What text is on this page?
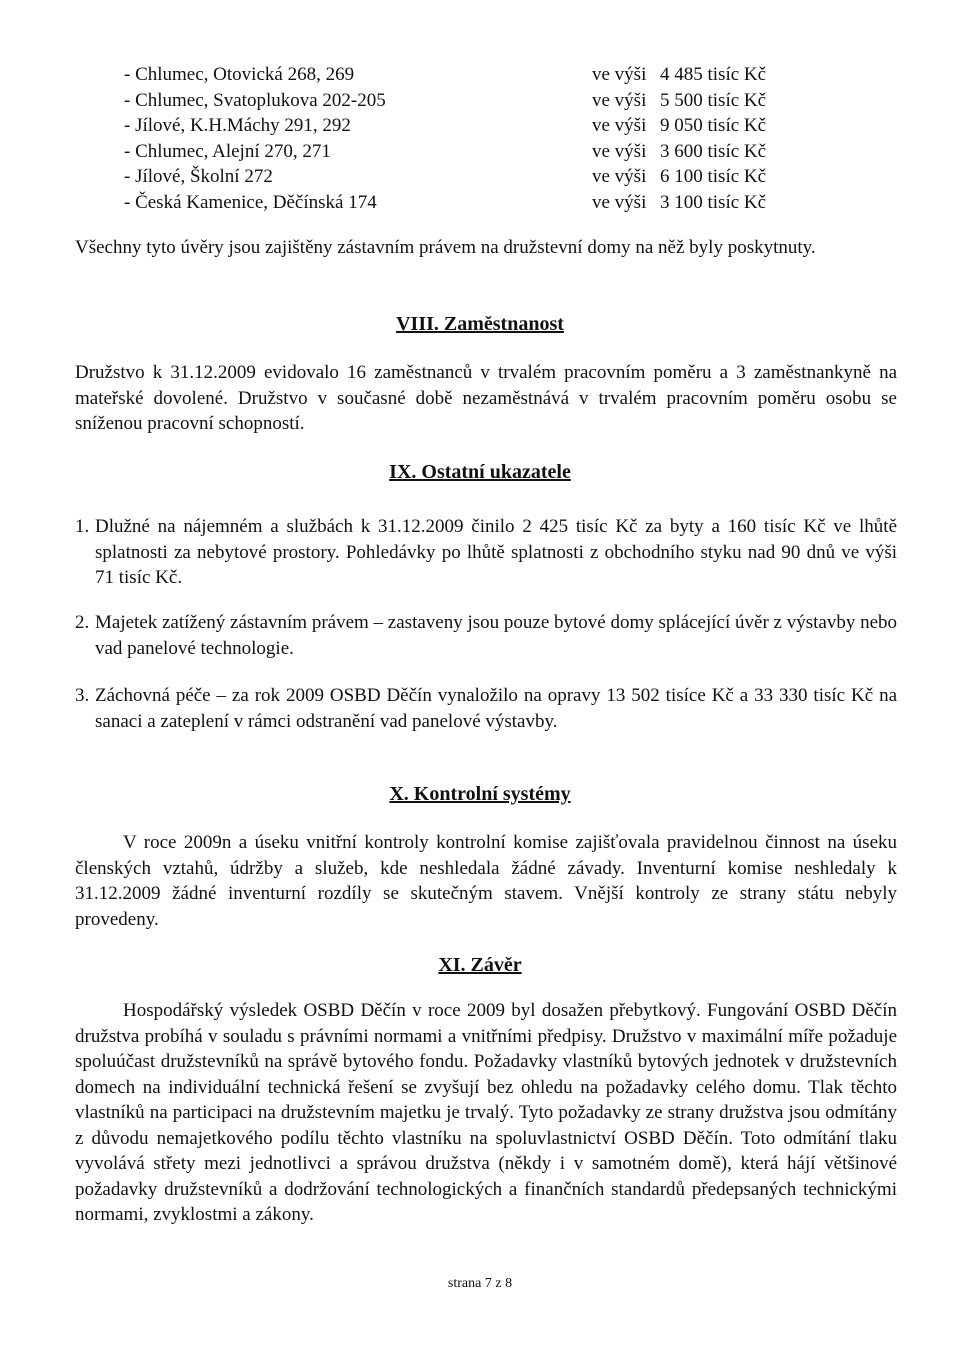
- Chlumec, Otovická 268, 269	ve výši 4 485 tisíc Kč
- Chlumec, Svatoplukova 202-205	ve výši 5 500 tisíc Kč
- Jílové, K.H.Máchy 291, 292	ve výši 9 050 tisíc Kč
- Chlumec, Alejní 270, 271	ve výši 3 600 tisíc Kč
- Jílové, Školní 272	ve výši 6 100 tisíc Kč
- Česká Kamenice, Děčínská 174	ve výši 3 100 tisíc Kč

Všechny tyto úvěry jsou zajištěny zástavním právem na družstevní domy na něž byly poskytnuty.

VIII. Zaměstnanost

Družstvo k 31.12.2009 evidovalo 16 zaměstnanců v trvalém pracovním poměru a 3 zaměstnankyně na mateřské dovolené. Družstvo v současné době nezaměstnává v trvalém pracovním poměru osobu se sníženou pracovní schopností.

IX. Ostatní ukazatele
1. Dlužné na nájemném a službách k 31.12.2009 činilo 2 425 tisíc Kč za byty a 160 tisíc Kč ve lhůtě splatnosti za nebytové prostory. Pohledávky po lhůtě splatnosti z obchodního styku nad 90 dnů ve výši 71 tisíc Kč.
2. Majetek zatížený zástavním právem – zastaveny jsou pouze bytové domy splácející úvěr z výstavby nebo vad panelové technologie.
3. Záchovná péče – za rok 2009 OSBD Děčín vynaložilo na opravy 13 502 tisíce Kč a 33 330 tisíc Kč na sanaci a zateplení v rámci odstranění vad panelové výstavby.
X. Kontrolní systémy

V roce 2009n a úseku vnitřní kontroly kontrolní komise zajišťovala pravidelnou činnost na úseku členských vztahů, údržby a služeb, kde neshledala žádné závady. Inventurní komise neshledaly k 31.12.2009 žádné inventurní rozdíly se skutečným stavem. Vnější kontroly ze strany státu nebyly provedeny.

XI. Závěr

Hospodářský výsledek OSBD Děčín v roce 2009 byl dosažen přebytkový. Fungování OSBD Děčín družstva probíhá v souladu s právními normami a vnitřními předpisy. Družstvo v maximální míře požaduje spoluúčast družstevníků na správě bytového fondu. Požadavky vlastníků bytových jednotek v družstevních domech na individuální technická řešení se zvyšují bez ohledu na požadavky celého domu. Tlak těchto vlastníků na participaci na družstevním majetku je trvalý. Tyto požadavky ze strany družstva jsou odmítány z důvodu nemajetkového podílu těchto vlastníku na spoluvlastnictví OSBD Děčín. Toto odmítání tlaku vyvolává střety mezi jednotlivci a správou družstva (někdy i v samotném domě), která hájí většinové požadavky družstevníků a dodržování technologických a finančních standardů předepsaných technickými normami, zvyklostmi a zákony.

strana 7 z 8
